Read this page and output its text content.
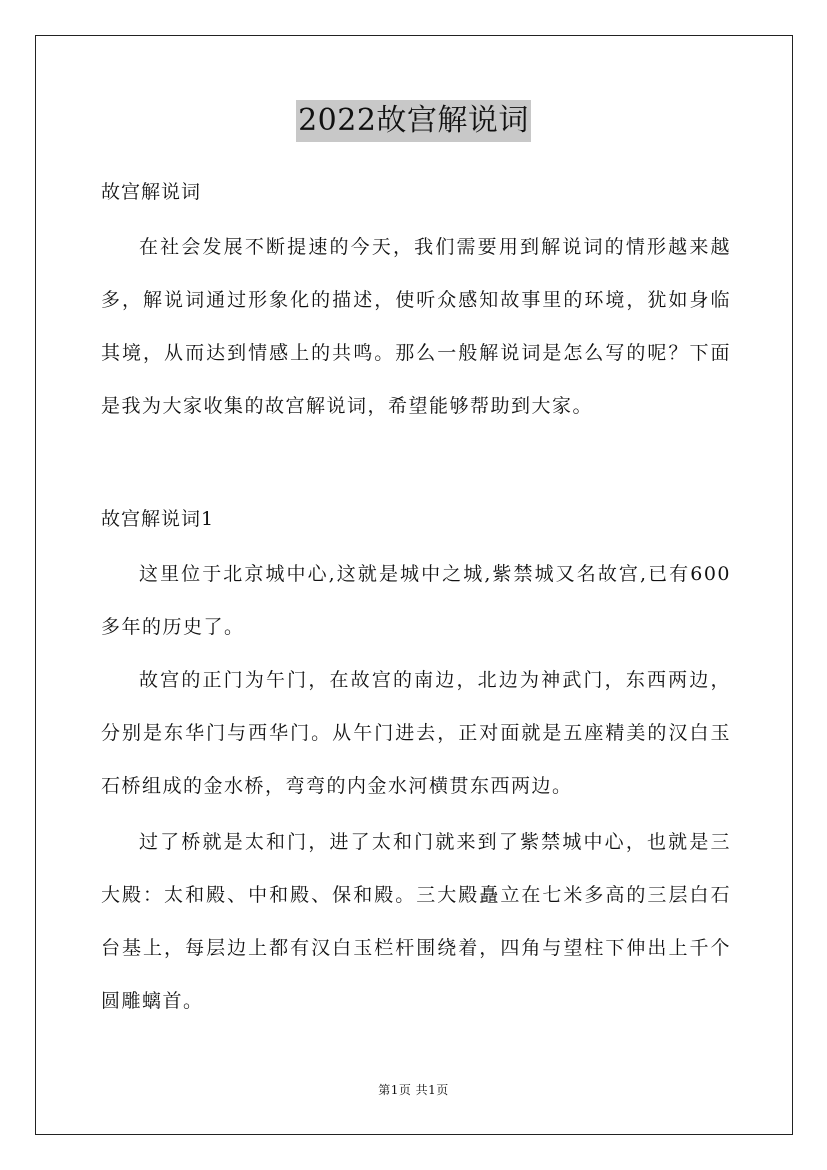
2022故宫解说词
故宫解说词
在社会发展不断提速的今天，我们需要用到解说词的情形越来越多，解说词通过形象化的描述，使听众感知故事里的环境，犹如身临其境，从而达到情感上的共鸣。那么一般解说词是怎么写的呢？下面是我为大家收集的故宫解说词，希望能够帮助到大家。
故宫解说词1
这里位于北京城中心,这就是城中之城,紫禁城又名故宫,已有600多年的历史了。
故宫的正门为午门，在故宫的南边，北边为神武门，东西两边，分别是东华门与西华门。从午门进去，正对面就是五座精美的汉白玉石桥组成的金水桥，弯弯的内金水河横贯东西两边。
过了桥就是太和门，进了太和门就来到了紫禁城中心，也就是三大殿：太和殿、中和殿、保和殿。三大殿矗立在七米多高的三层白石台基上，每层边上都有汉白玉栏杆围绕着，四角与望柱下伸出上千个圆雕螭首。
第1页 共1页
